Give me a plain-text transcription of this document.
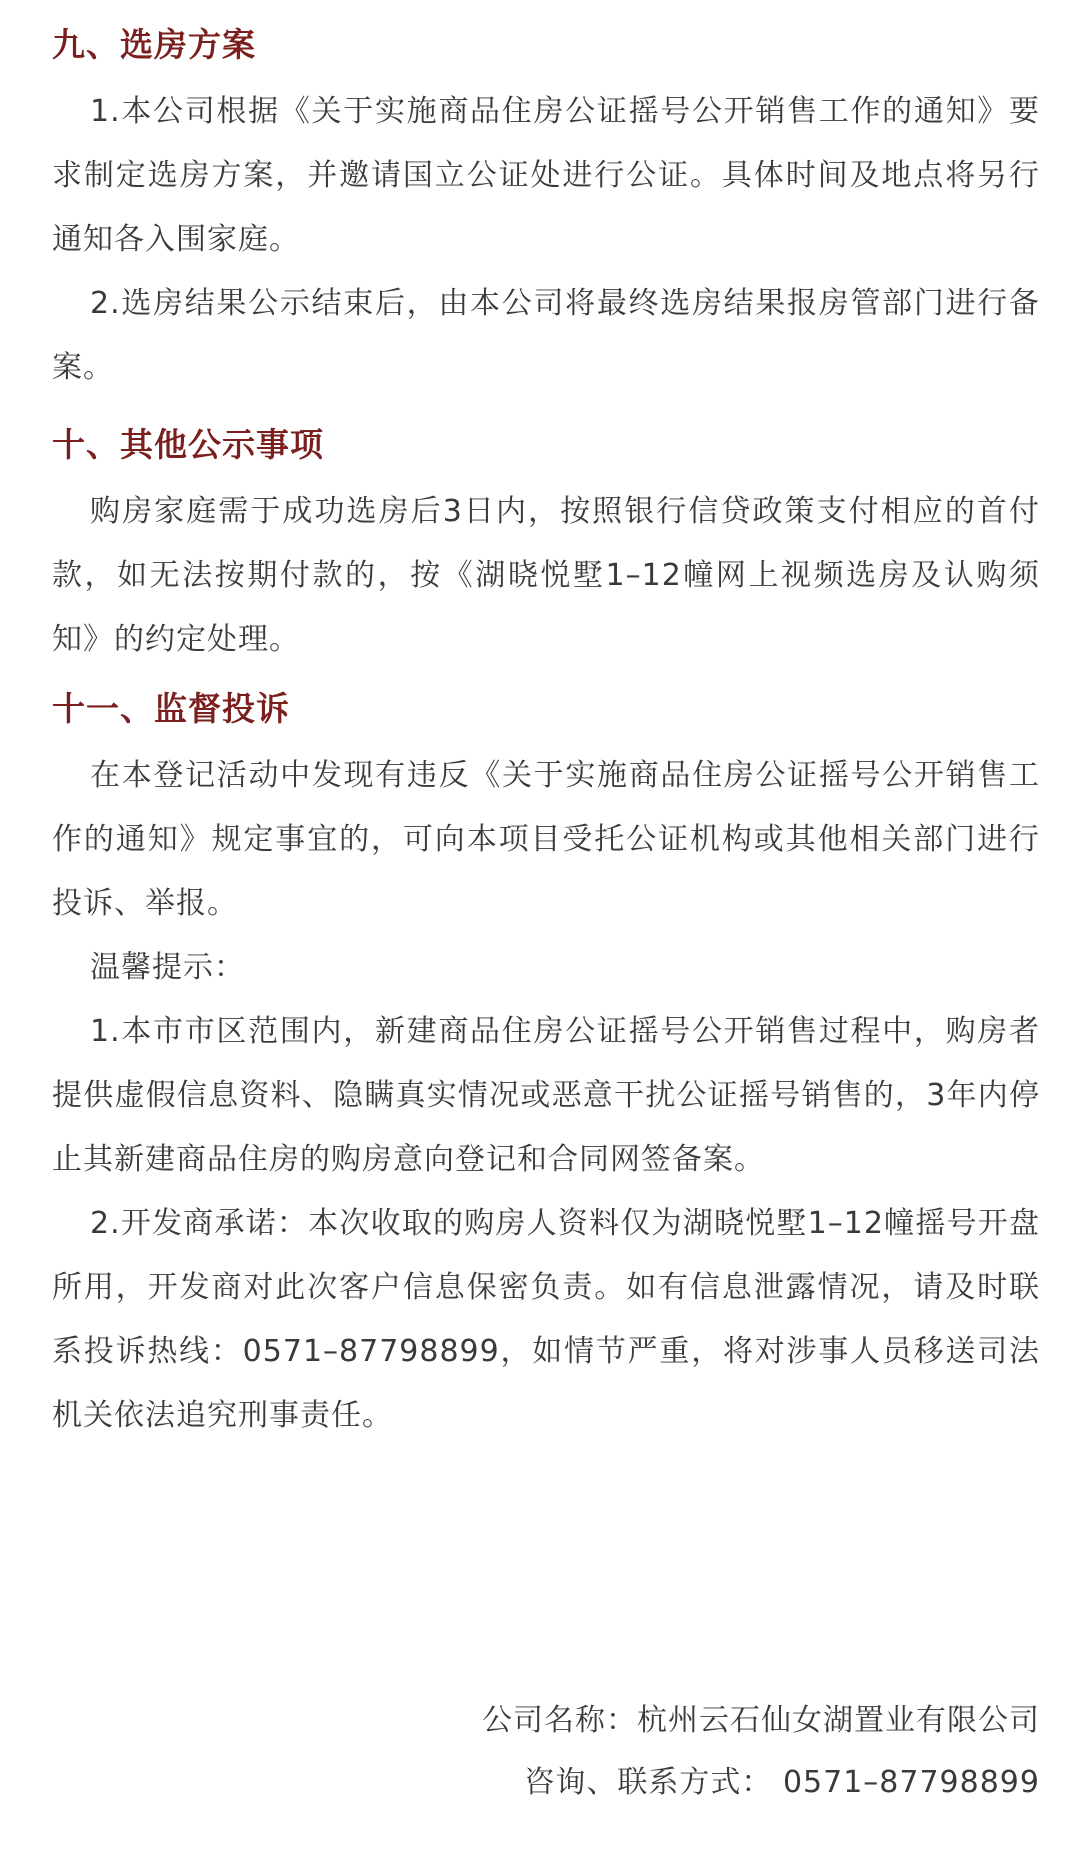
九、选房方案

1.本公司根据《关于实施商品住房公证摇号公开销售工作的通知》要求制定选房方案，并邀请国立公证处进行公证。具体时间及地点将另行通知各入围家庭。

2.选房结果公示结束后，由本公司将最终选房结果报房管部门进行备案。

十、其他公示事项

购房家庭需于成功选房后3日内，按照银行信贷政策支付相应的首付款，如无法按期付款的，按《湖晓悦墅1–12幢网上视频选房及认购须知》的约定处理。

十一、监督投诉

在本登记活动中发现有违反《关于实施商品住房公证摇号公开销售工作的通知》规定事宜的，可向本项目受托公证机构或其他相关部门进行投诉、举报。

温馨提示：

1.本市市区范围内，新建商品住房公证摇号公开销售过程中，购房者提供虚假信息资料、隐瞒真实情况或恶意干扰公证摇号销售的，3年内停止其新建商品住房的购房意向登记和合同网签备案。

2.开发商承诺：本次收取的购房人资料仅为湖晓悦墅1–12幢摇号开盘所用，开发商对此次客户信息保密负责。如有信息泄露情况，请及时联系投诉热线：0571–87798899，如情节严重，将对涉事人员移送司法机关依法追究刑事责任。

公司名称：杭州云石仙女湖置业有限公司
咨询、联系方式： 0571–87798899
